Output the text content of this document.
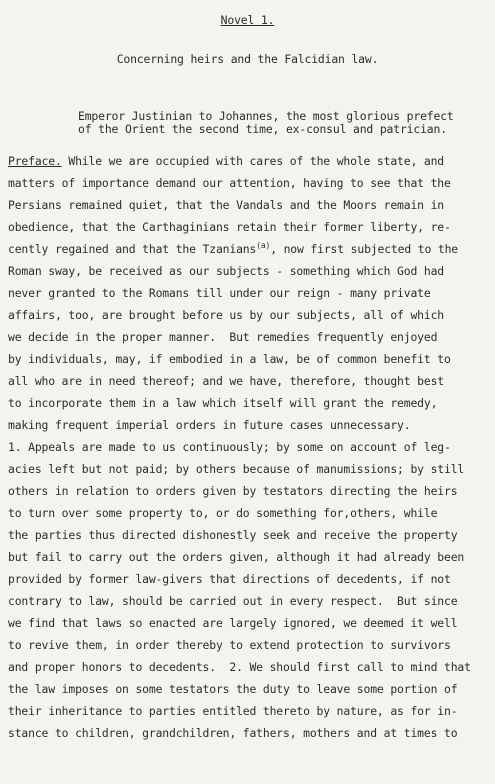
Novel 1.
Concerning heirs and the Falcidian law.
Emperor Justinian to Johannes, the most glorious prefect
of the Orient the second time, ex-consul and patrician.
Preface. While we are occupied with cares of the whole state, and
matters of importance demand our attention, having to see that the
Persians remained quiet, that the Vandals and the Moors remain in
obedience, that the Carthaginians retain their former liberty, re-
cently regained and that the Tzanians$^{(a)}$, now first subjected to the
Roman sway, be received as our subjects - something which God had
never granted to the Romans till under our reign - many private
affairs, too, are brought before us by our subjects, all of which
we decide in the proper manner.  But remedies frequently enjoyed
by individuals, may, if embodied in a law, be of common benefit to
all who are in need thereof; and we have, therefore, thought best
to incorporate them in a law which itself will grant the remedy,
making frequent imperial orders in future cases unnecessary.
1. Appeals are made to us continuously; by some on account of leg-
acies left but not paid; by others because of manumissions; by still
others in relation to orders given by testators directing the heirs
to turn over some property to, or do something for,others, while
the parties thus directed dishonestly seek and receive the property
but fail to carry out the orders given, although it had already been
provided by former law-givers that directions of decedents, if not
contrary to law, should be carried out in every respect.  But since
we find that laws so enacted are largely ignored, we deemed it well
to revive them, in order thereby to extend protection to survivors
and proper honors to decedents.  2. We should first call to mind that
the law imposes on some testators the duty to leave some portion of
their inheritance to parties entitled thereto by nature, as for in-
stance to children, grandchildren, fathers, mothers and at times to
